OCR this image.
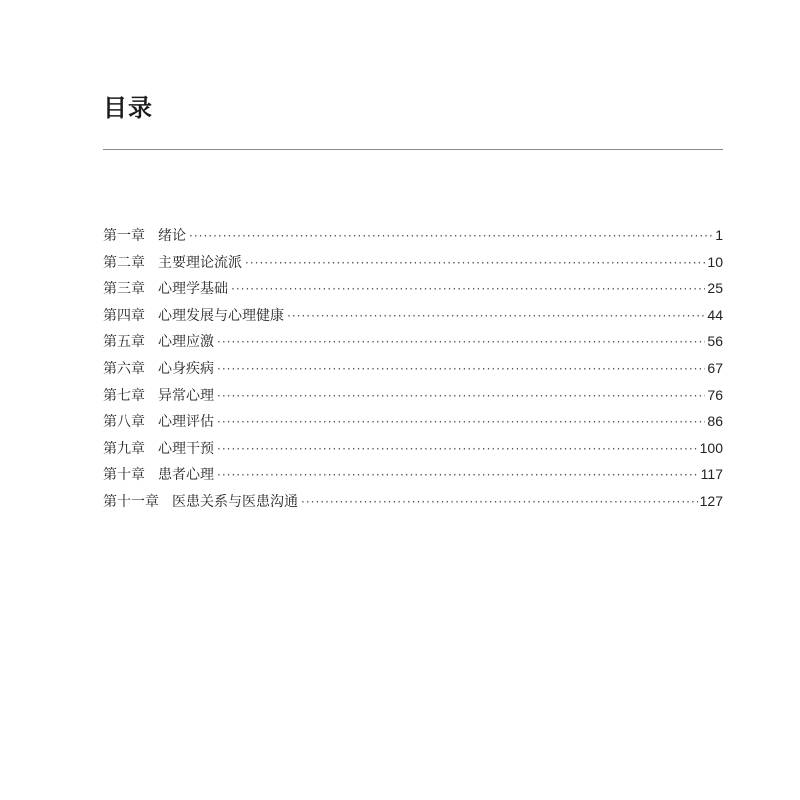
目录
第一章 绪论 ·····	1
第二章 主要理论流派 ·····	10
第三章 心理学基础 ·····	25
第四章 心理发展与心理健康 ·····	44
第五章 心理应激 ·····	56
第六章 心身疾病 ·····	67
第七章 异常心理 ·····	76
第八章 心理评估 ·····	86
第九章 心理干预 ·····	100
第十章 患者心理 ·····	117
第十一章 医患关系与医患沟通 ·····	127
